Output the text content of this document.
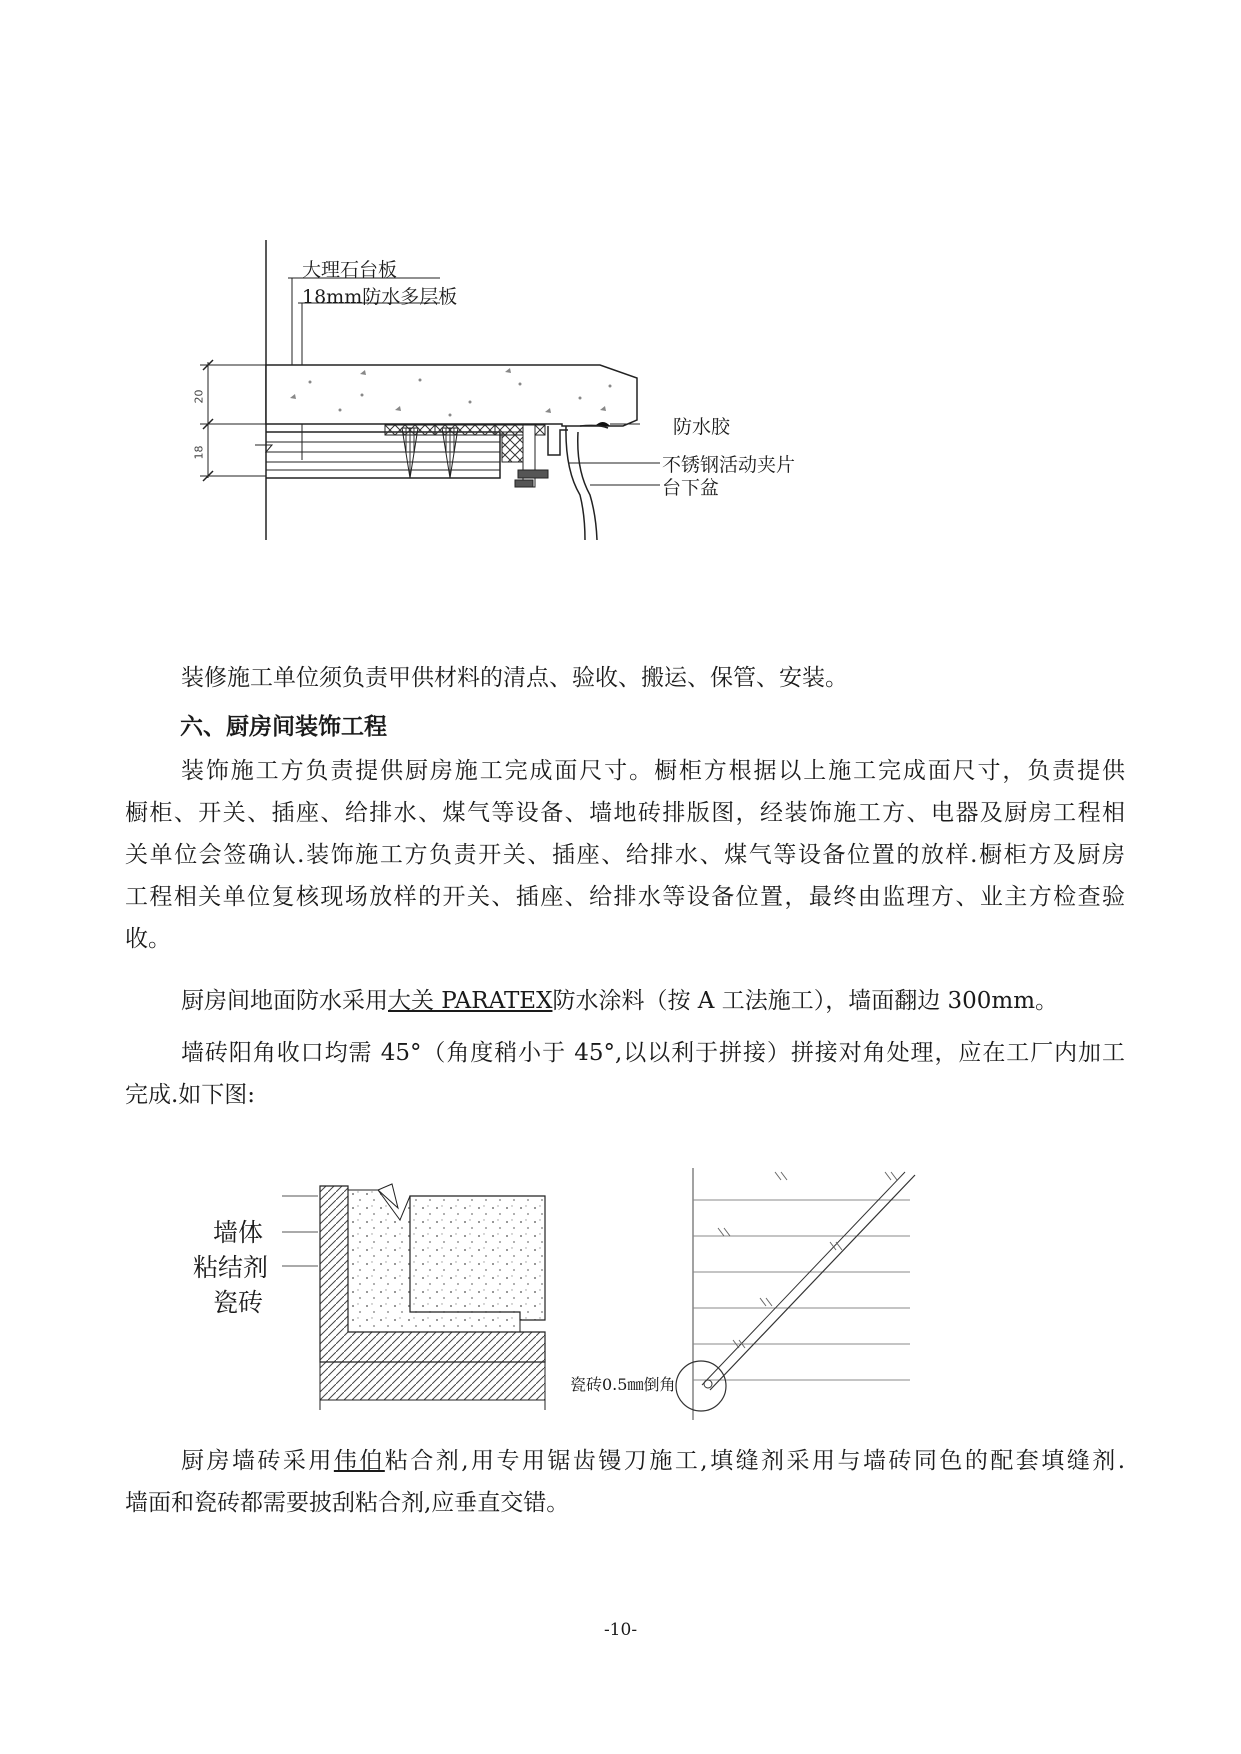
大理石台板
18mm防水多层板
防水胶
不锈钢活动夹片
台下盆
20
18
装修施工单位须负责甲供材料的清点、验收、搬运、保管、安装。
六、厨房间装饰工程
装饰施工方负责提供厨房施工完成面尺寸。橱柜方根据以上施工完成面尺寸，负责提供
橱柜、开关、插座、给排水、煤气等设备、墙地砖排版图，经装饰施工方、电器及厨房工程相
关单位会签确认.装饰施工方负责开关、插座、给排水、煤气等设备位置的放样.橱柜方及厨房
工程相关单位复核现场放样的开关、插座、给排水等设备位置，最终由监理方、业主方检查验
收。
厨房间地面防水采用大关 PARATEX防水涂料（按 A 工法施工），墙面翻边 300mm。
墙砖阳角收口均需 45°（角度稍小于 45°,以以利于拼接）拼接对角处理，应在工厂内加工
完成.如下图:
墙体
粘结剂
瓷砖
瓷砖0.5㎜倒角
厨房墙砖采用伟伯粘合剂,用专用锯齿镘刀施工,填缝剂采用与墙砖同色的配套填缝剂.
墙面和瓷砖都需要披刮粘合剂,应垂直交错。
-10-
